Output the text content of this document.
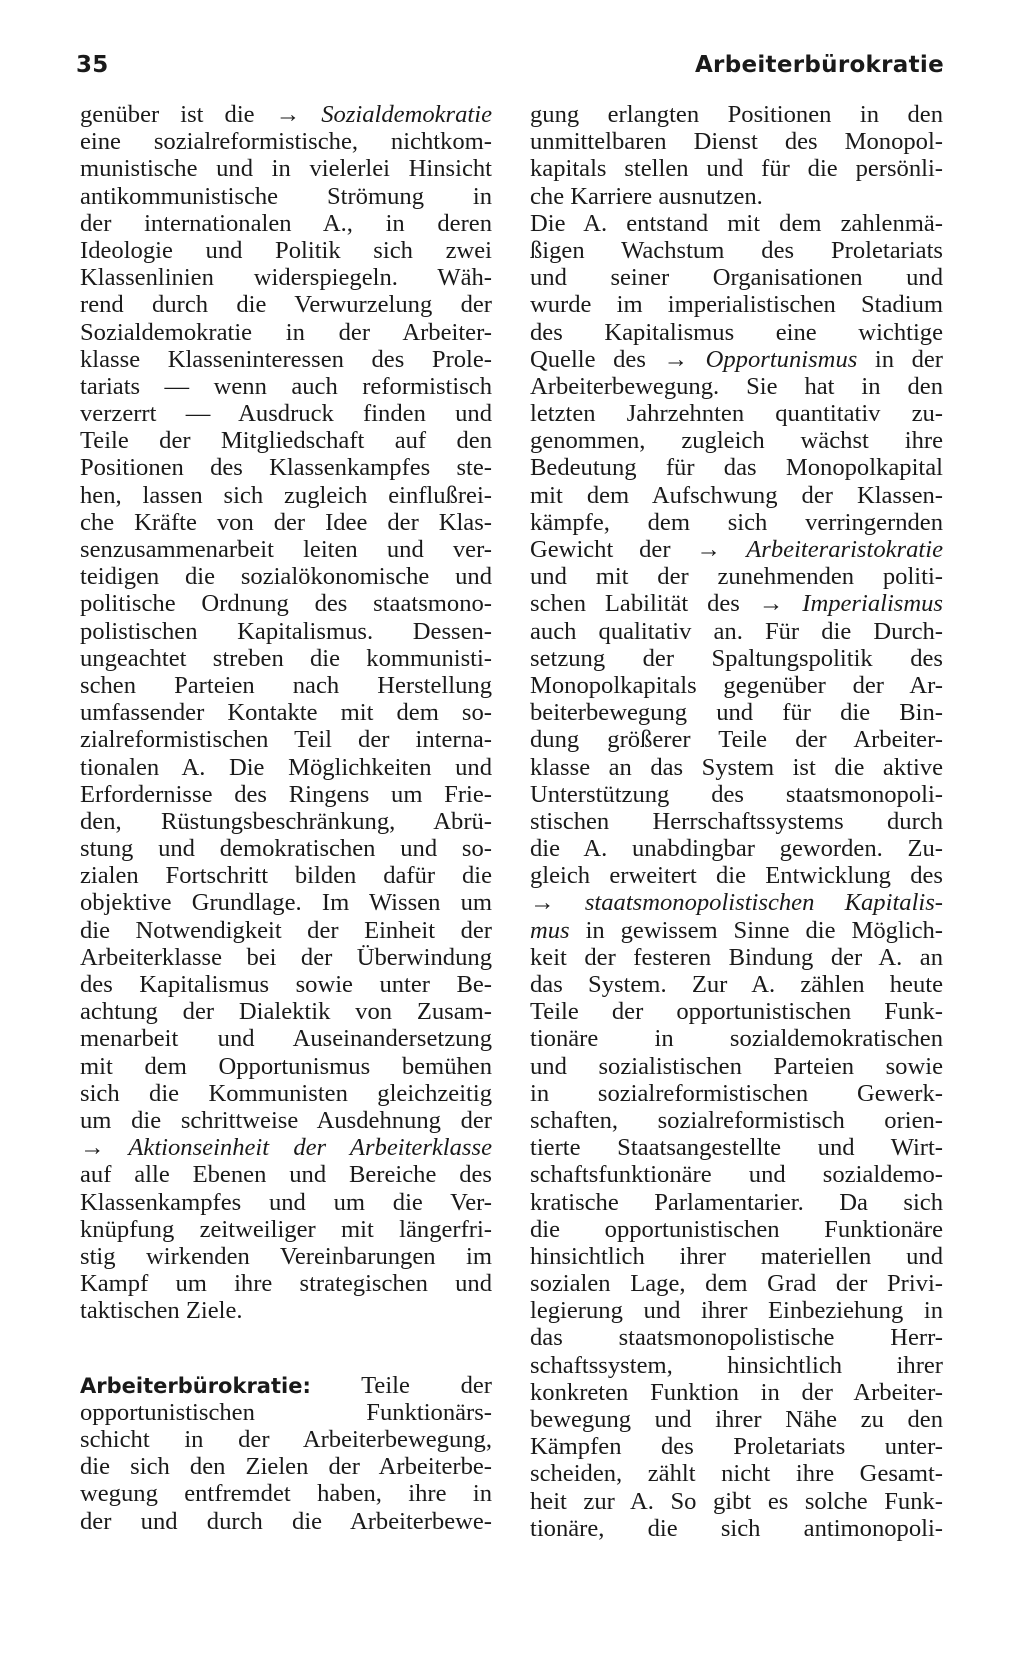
35	Arbeiterbürokratie
genüber ist die → Sozialdemokratie
eine sozialreformistische, nichtkom-
munistische und in vielerlei Hinsicht
antikommunistische Strömung in
der internationalen A., in deren
Ideologie und Politik sich zwei
Klassenlinien widerspiegeln. Wäh-
rend durch die Verwurzelung der
Sozialdemokratie in der Arbeiter-
klasse Klasseninteressen des Prole-
tariats — wenn auch reformistisch
verzerrt — Ausdruck finden und
Teile der Mitgliedschaft auf den
Positionen des Klassenkampfes ste-
hen, lassen sich zugleich einflußrei-
che Kräfte von der Idee der Klas-
senzusammenarbeit leiten und ver-
teidigen die sozialökonomische und
politische Ordnung des staatsmono-
polistischen Kapitalismus. Dessen-
ungeachtet streben die kommunisti-
schen Parteien nach Herstellung
umfassender Kontakte mit dem so-
zialreformistischen Teil der interna-
tionalen A. Die Möglichkeiten und
Erfordernisse des Ringens um Frie-
den, Rüstungsbeschränkung, Abrü-
stung und demokratischen und so-
zialen Fortschritt bilden dafür die
objektive Grundlage. Im Wissen um
die Notwendigkeit der Einheit der
Arbeiterklasse bei der Überwindung
des Kapitalismus sowie unter Be-
achtung der Dialektik von Zusam-
menarbeit und Auseinandersetzung
mit dem Opportunismus bemühen
sich die Kommunisten gleichzeitig
um die schrittweise Ausdehnung der
→ Aktionseinheit der Arbeiterklasse
auf alle Ebenen und Bereiche des
Klassenkampfes und um die Ver-
knüpfung zeitweiliger mit längerfri-
stig wirkenden Vereinbarungen im
Kampf um ihre strategischen und
taktischen Ziele.
Arbeiterbürokratie: Teile der
opportunistischen Funktionärs-
schicht in der Arbeiterbewegung,
die sich den Zielen der Arbeiterbe-
wegung entfremdet haben, ihre in
der und durch die Arbeiterbewe-
gung erlangten Positionen in den
unmittelbaren Dienst des Monopol-
kapitals stellen und für die persönli-
che Karriere ausnutzen.
Die A. entstand mit dem zahlenmä-
ßigen Wachstum des Proletariats
und seiner Organisationen und
wurde im imperialistischen Stadium
des Kapitalismus eine wichtige
Quelle des → Opportunismus in der
Arbeiterbewegung. Sie hat in den
letzten Jahrzehnten quantitativ zu-
genommen, zugleich wächst ihre
Bedeutung für das Monopolkapital
mit dem Aufschwung der Klassen-
kämpfe, dem sich verringernden
Gewicht der → Arbeiteraristokratie
und mit der zunehmenden politi-
schen Labilität des → Imperialismus
auch qualitativ an. Für die Durch-
setzung der Spaltungspolitik des
Monopolkapitals gegenüber der Ar-
beiterbewegung und für die Bin-
dung größerer Teile der Arbeiter-
klasse an das System ist die aktive
Unterstützung des staatsmonopoli-
stischen Herrschaftssystems durch
die A. unabdingbar geworden. Zu-
gleich erweitert die Entwicklung des
→ staatsmonopolistischen Kapitalis-
mus in gewissem Sinne die Möglich-
keit der festeren Bindung der A. an
das System. Zur A. zählen heute
Teile der opportunistischen Funk-
tionäre in sozialdemokratischen
und sozialistischen Parteien sowie
in sozialreformistischen Gewerk-
schaften, sozialreformistisch orien-
tierte Staatsangestellte und Wirt-
schaftsfunktionäre und sozialdemo-
kratische Parlamentarier. Da sich
die opportunistischen Funktionäre
hinsichtlich ihrer materiellen und
sozialen Lage, dem Grad der Privi-
legierung und ihrer Einbeziehung in
das staatsmonopolistische Herr-
schaftssystem, hinsichtlich ihrer
konkreten Funktion in der Arbeiter-
bewegung und ihrer Nähe zu den
Kämpfen des Proletariats unter-
scheiden, zählt nicht ihre Gesamt-
heit zur A. So gibt es solche Funk-
tionäre, die sich antimonopoli-
